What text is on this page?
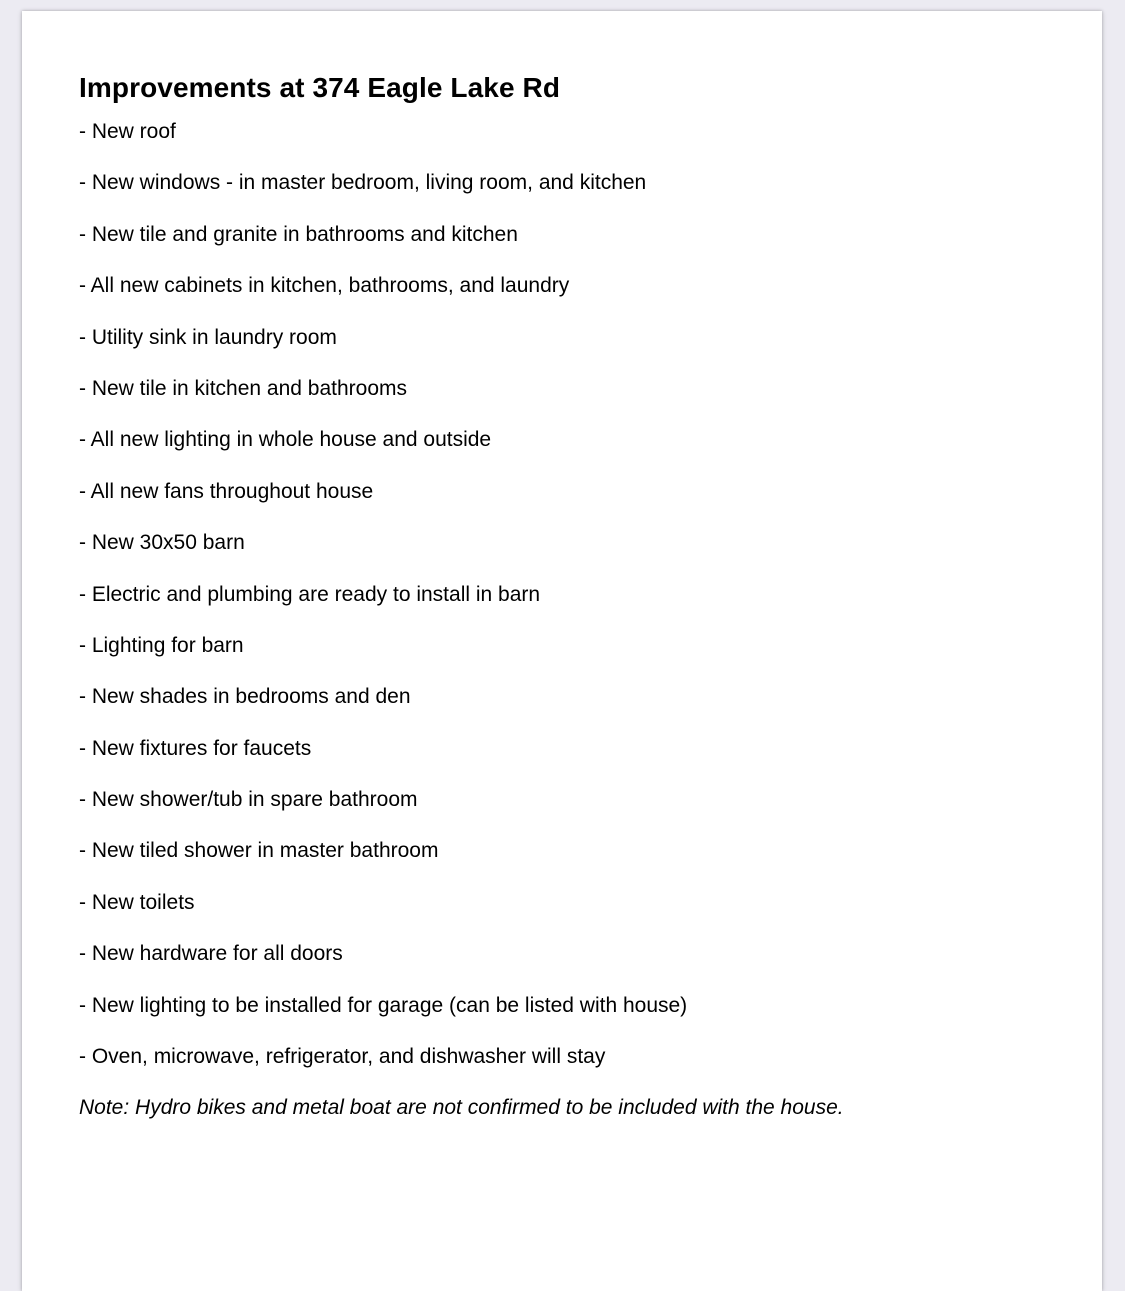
Improvements at 374 Eagle Lake Rd
- New roof
- New windows - in master bedroom, living room, and kitchen
- New tile and granite in bathrooms and kitchen
- All new cabinets in kitchen, bathrooms, and laundry
- Utility sink in laundry room
- New tile in kitchen and bathrooms
- All new lighting in whole house and outside
- All new fans throughout house
- New 30x50 barn
- Electric and plumbing are ready to install in barn
- Lighting for barn
- New shades in bedrooms and den
- New fixtures for faucets
- New shower/tub in spare bathroom
- New tiled shower in master bathroom
- New toilets
- New hardware for all doors
- New lighting to be installed for garage (can be listed with house)
- Oven, microwave, refrigerator, and dishwasher will stay

Note: Hydro bikes and metal boat are not confirmed to be included with the house.
